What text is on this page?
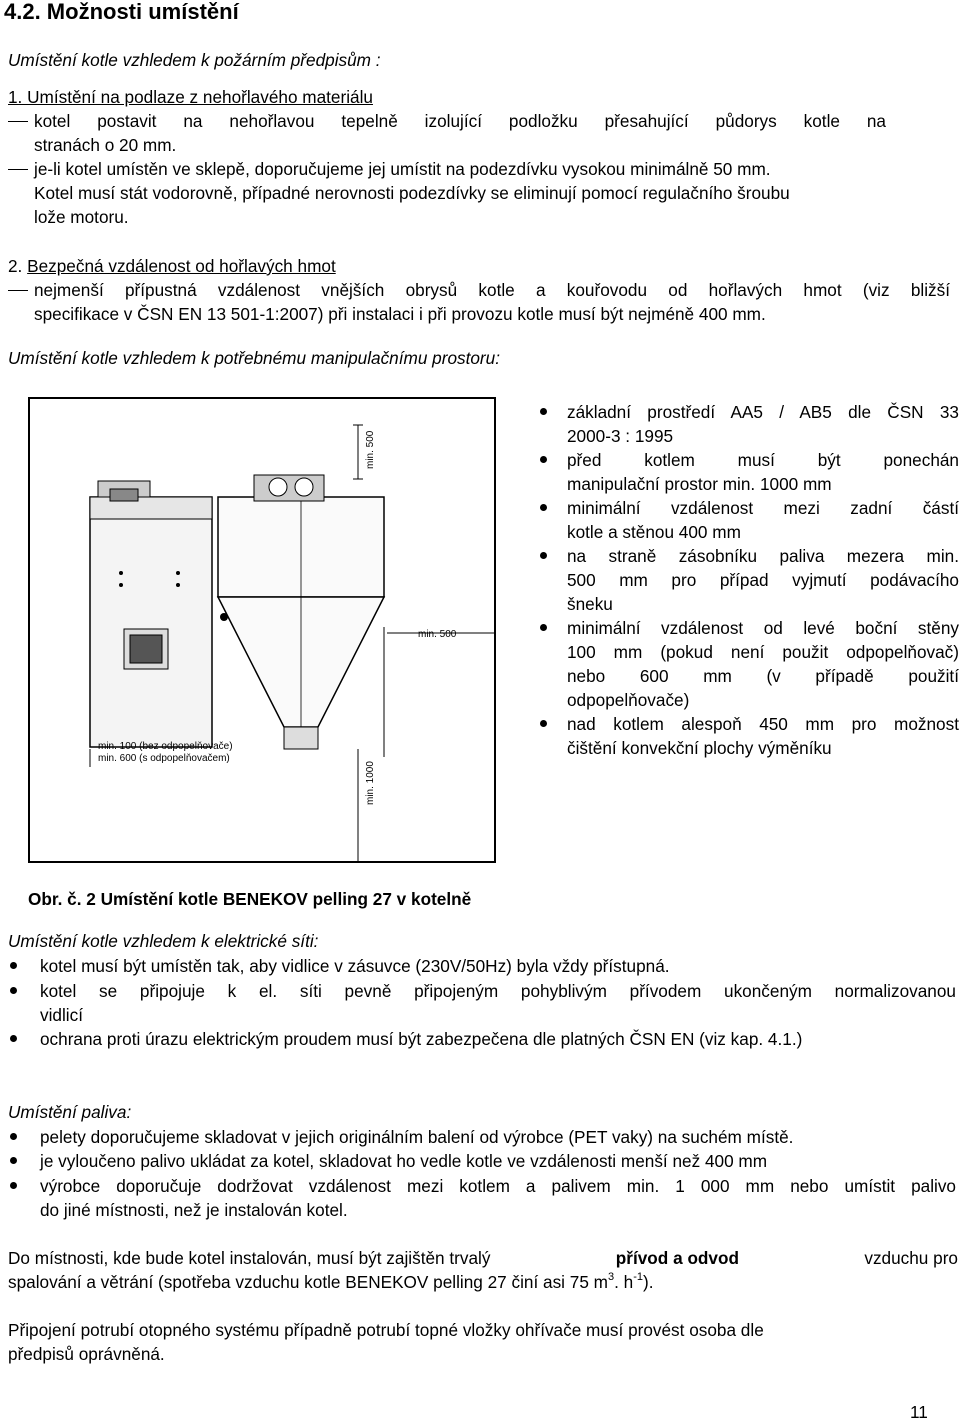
4.2. Možnosti umístění
Umístění kotle vzhledem k požárním předpisům :
1. Umístění na podlaze z nehořlavého materiálu
kotel postavit na nehořlavou tepelně izolující podložku přesahující půdorys kotle na
stranách o 20 mm.
je-li kotel umístěn ve sklepě, doporučujeme jej umístit na podezdívku vysokou minimálně 50 mm.
Kotel musí stát vodorovně, případné nerovnosti podezdívky se eliminují pomocí regulačního šroubu
lože motoru.
2. Bezpečná vzdálenost od hořlavých hmot
nejmenší přípustná vzdálenost vnějších obrysů kotle a kouřovodu od hořlavých hmot (viz bližší
specifikace v ČSN EN 13 501-1:2007) při instalaci i při provozu kotle musí být nejméně 400 mm.
Umístění kotle vzhledem k potřebnému manipulačnímu prostoru:
min. 500
min. 500
min. 100 (bez odpopelňovače)
min. 600 (s odpopelňovačem)
min. 1000
základní prostředí AA5 / AB5 dle ČSN 33
2000-3 : 1995
před kotlem musí být ponechán
manipulační prostor min. 1000 mm
minimální vzdálenost mezi zadní částí
kotle a stěnou 400 mm
na straně zásobníku paliva mezera min.
500 mm pro případ vyjmutí podávacího
šneku
minimální vzdálenost od levé boční stěny
100 mm (pokud není použit odpopelňovač)
nebo 600 mm (v případě použití
odpopelňovače)
nad kotlem alespoň 450 mm pro možnost
čištění konvekční plochy výměníku
Obr. č. 2 Umístění kotle BENEKOV pelling 27 v kotelně
Umístění kotle vzhledem k elektrické síti:
kotel musí být umístěn tak, aby vidlice v zásuvce (230V/50Hz) byla vždy přístupná.
kotel se připojuje k el. síti pevně připojeným pohyblivým přívodem ukončeným normalizovanou
vidlicí
ochrana proti úrazu elektrickým proudem musí být zabezpečena dle platných ČSN EN (viz kap. 4.1.)
Umístění paliva:
pelety doporučujeme skladovat v jejich originálním balení od výrobce (PET vaky) na suchém místě.
je vyloučeno palivo ukládat za kotel, skladovat ho vedle kotle ve vzdálenosti menší než 400 mm
výrobce doporučuje dodržovat vzdálenost mezi kotlem a palivem min. 1 000 mm nebo umístit palivo
do jiné místnosti, než je instalován kotel.
Do místnosti, kde bude kotel instalován, musí být zajištěn trvalý	přívod a odvod	vzduchu pro
spalování a větrání (spotřeba vzduchu kotle BENEKOV pelling 27 činí asi 75 $m^3$. $h^{-1}$).
Připojení potrubí otopného systému případně potrubí topné vložky ohřívače musí provést osoba dle
předpisů oprávněná.
11
